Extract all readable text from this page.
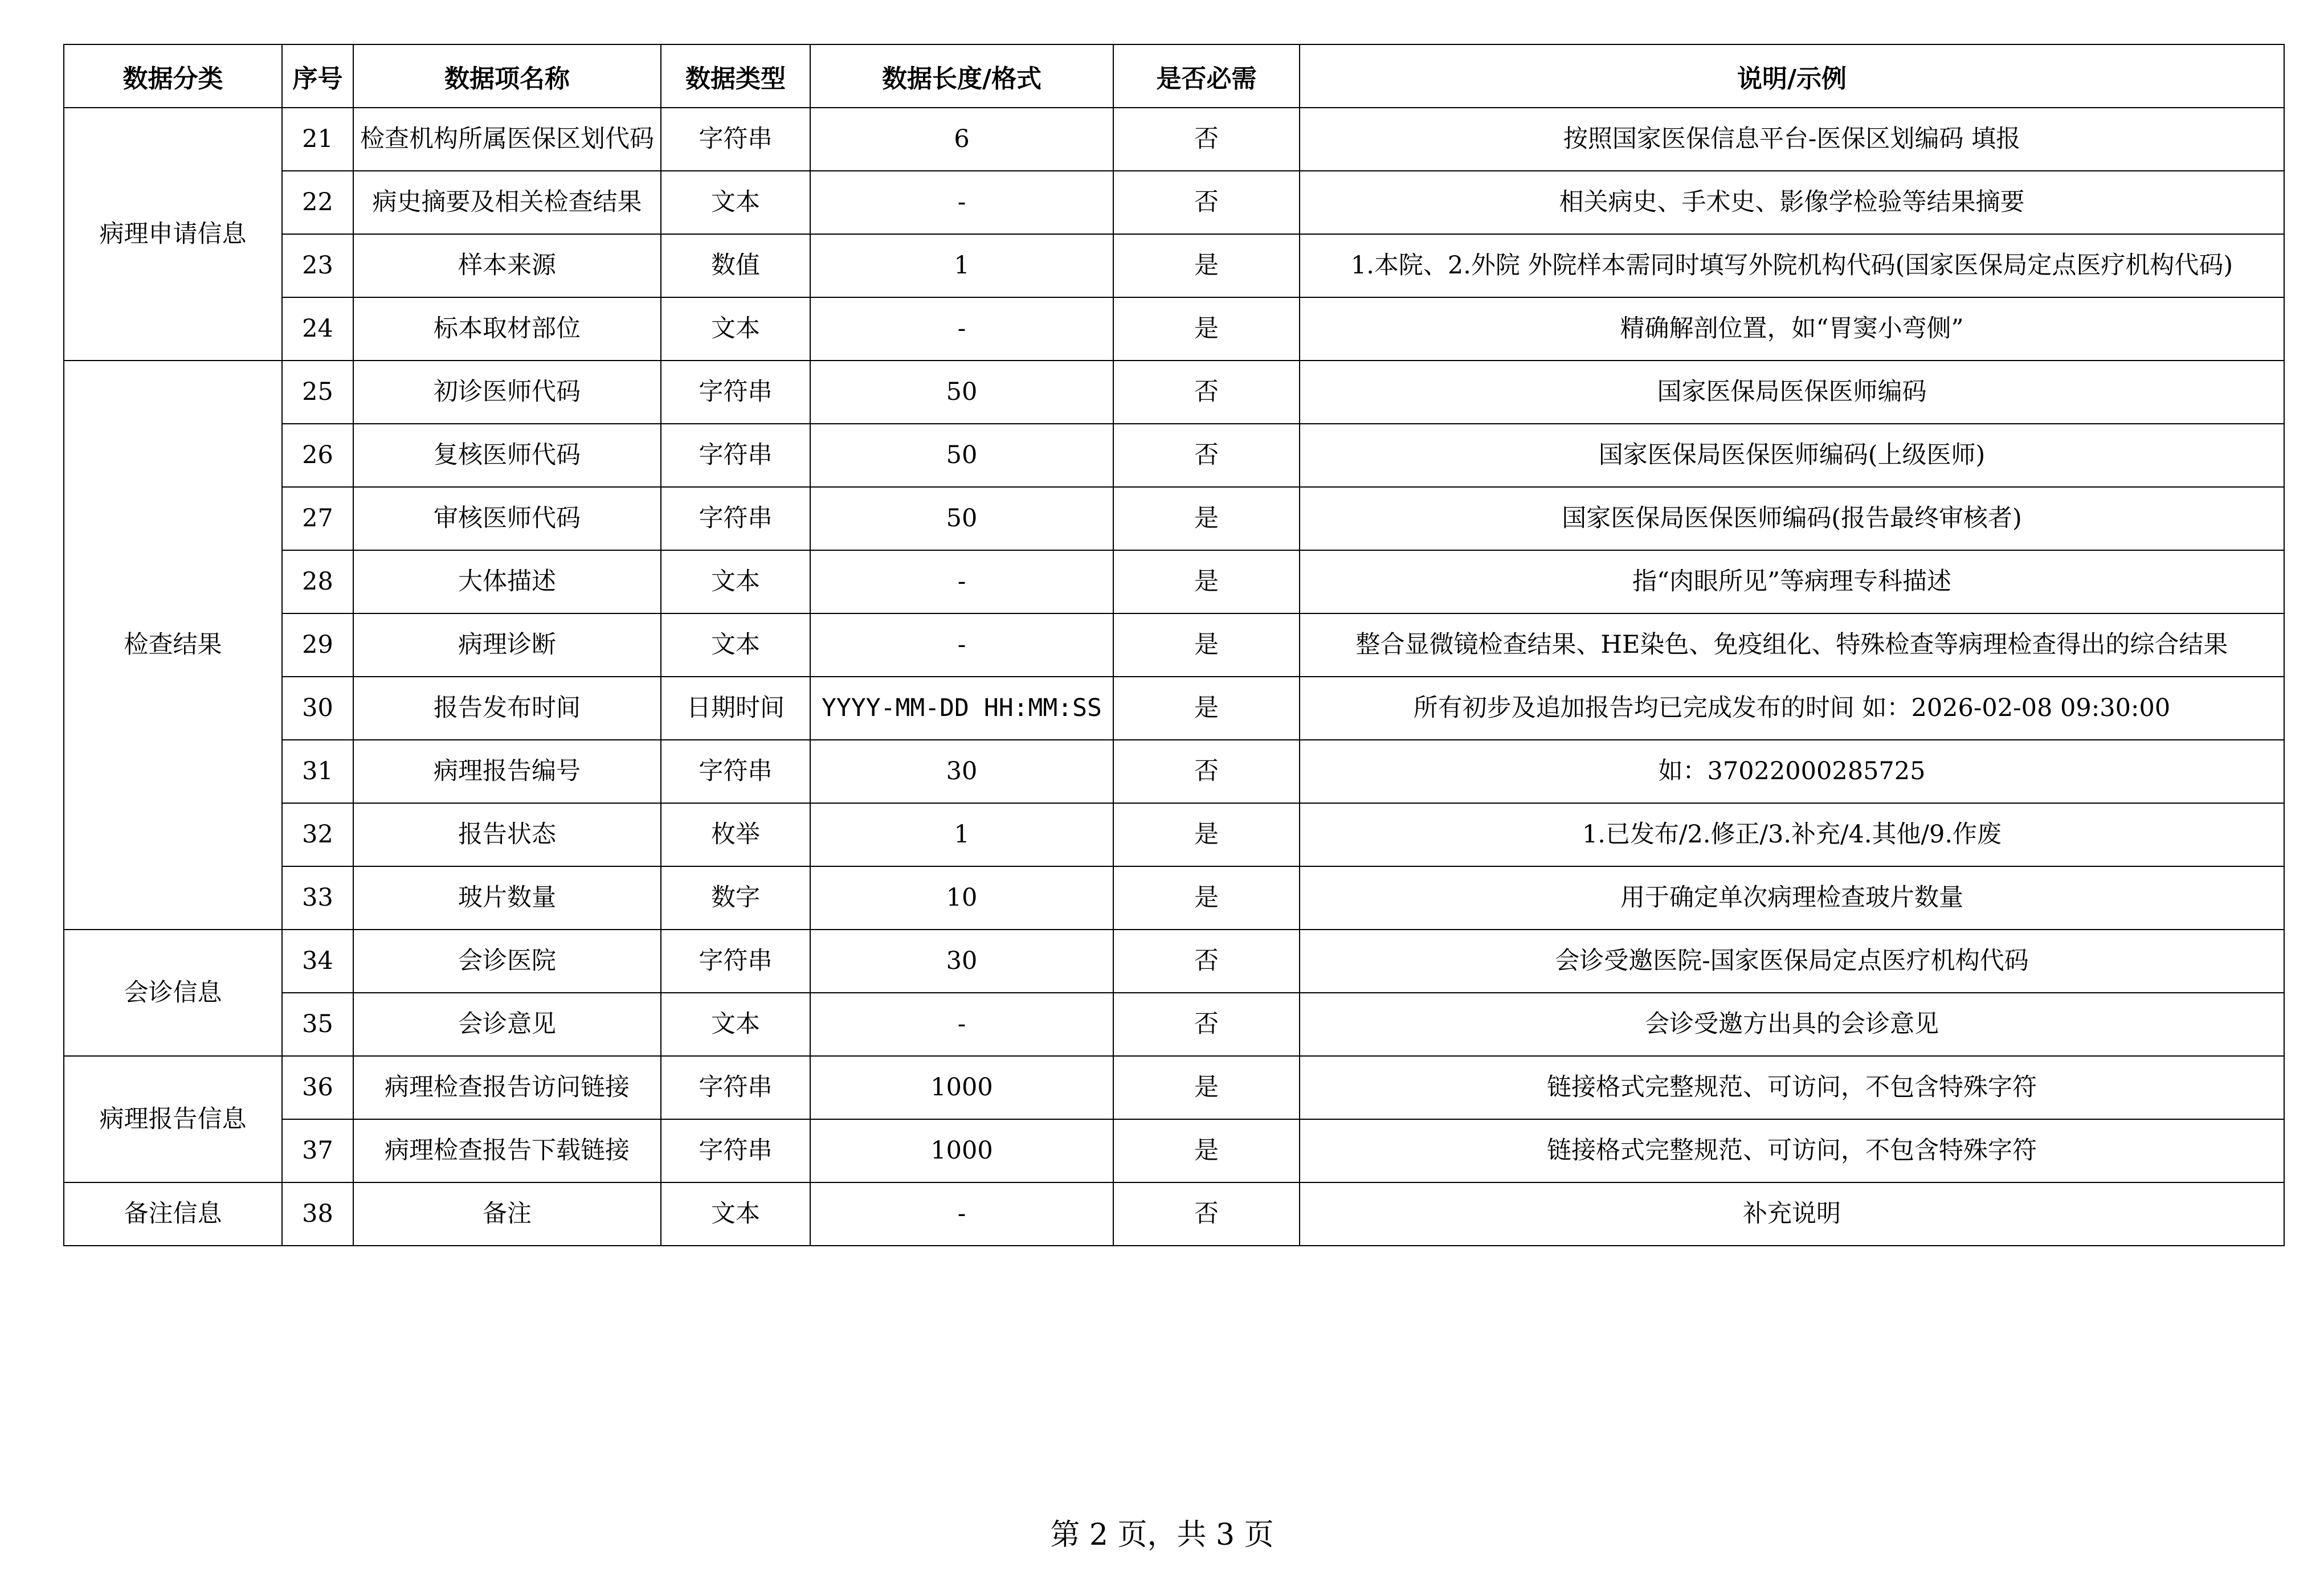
数据分类	序号	数据项名称	数据类型	数据长度/格式	是否必需	说明/示例
病理申请信息	21	检查机构所属医保区划代码	字符串	6	否	按照国家医保信息平台-医保区划编码 填报
	22	病史摘要及相关检查结果	文本	-	否	相关病史、手术史、影像学检验等结果摘要
	23	样本来源	数值	1	是	1.本院、2.外院 外院样本需同时填写外院机构代码(国家医保局定点医疗机构代码)
	24	标本取材部位	文本	-	是	精确解剖位置，如“胃窦小弯侧”
检查结果	25	初诊医师代码	字符串	50	否	国家医保局医保医师编码
	26	复核医师代码	字符串	50	否	国家医保局医保医师编码(上级医师)
	27	审核医师代码	字符串	50	是	国家医保局医保医师编码(报告最终审核者)
	28	大体描述	文本	-	是	指“肉眼所见”等病理专科描述
	29	病理诊断	文本	-	是	整合显微镜检查结果、HE染色、免疫组化、特殊检查等病理检查得出的综合结果
	30	报告发布时间	日期时间	YYYY-MM-DD HH:MM:SS	是	所有初步及追加报告均已完成发布的时间 如：2026-02-08 09:30:00
	31	病理报告编号	字符串	30	否	如：37022000285725
	32	报告状态	枚举	1	是	1.已发布/2.修正/3.补充/4.其他/9.作废
	33	玻片数量	数字	10	是	用于确定单次病理检查玻片数量
会诊信息	34	会诊医院	字符串	30	否	会诊受邀医院-国家医保局定点医疗机构代码
	35	会诊意见	文本	-	否	会诊受邀方出具的会诊意见
病理报告信息	36	病理检查报告访问链接	字符串	1000	是	链接格式完整规范、可访问，不包含特殊字符
	37	病理检查报告下载链接	字符串	1000	是	链接格式完整规范、可访问，不包含特殊字符
备注信息	38	备注	文本	-	否	补充说明
第 2 页，共 3 页
